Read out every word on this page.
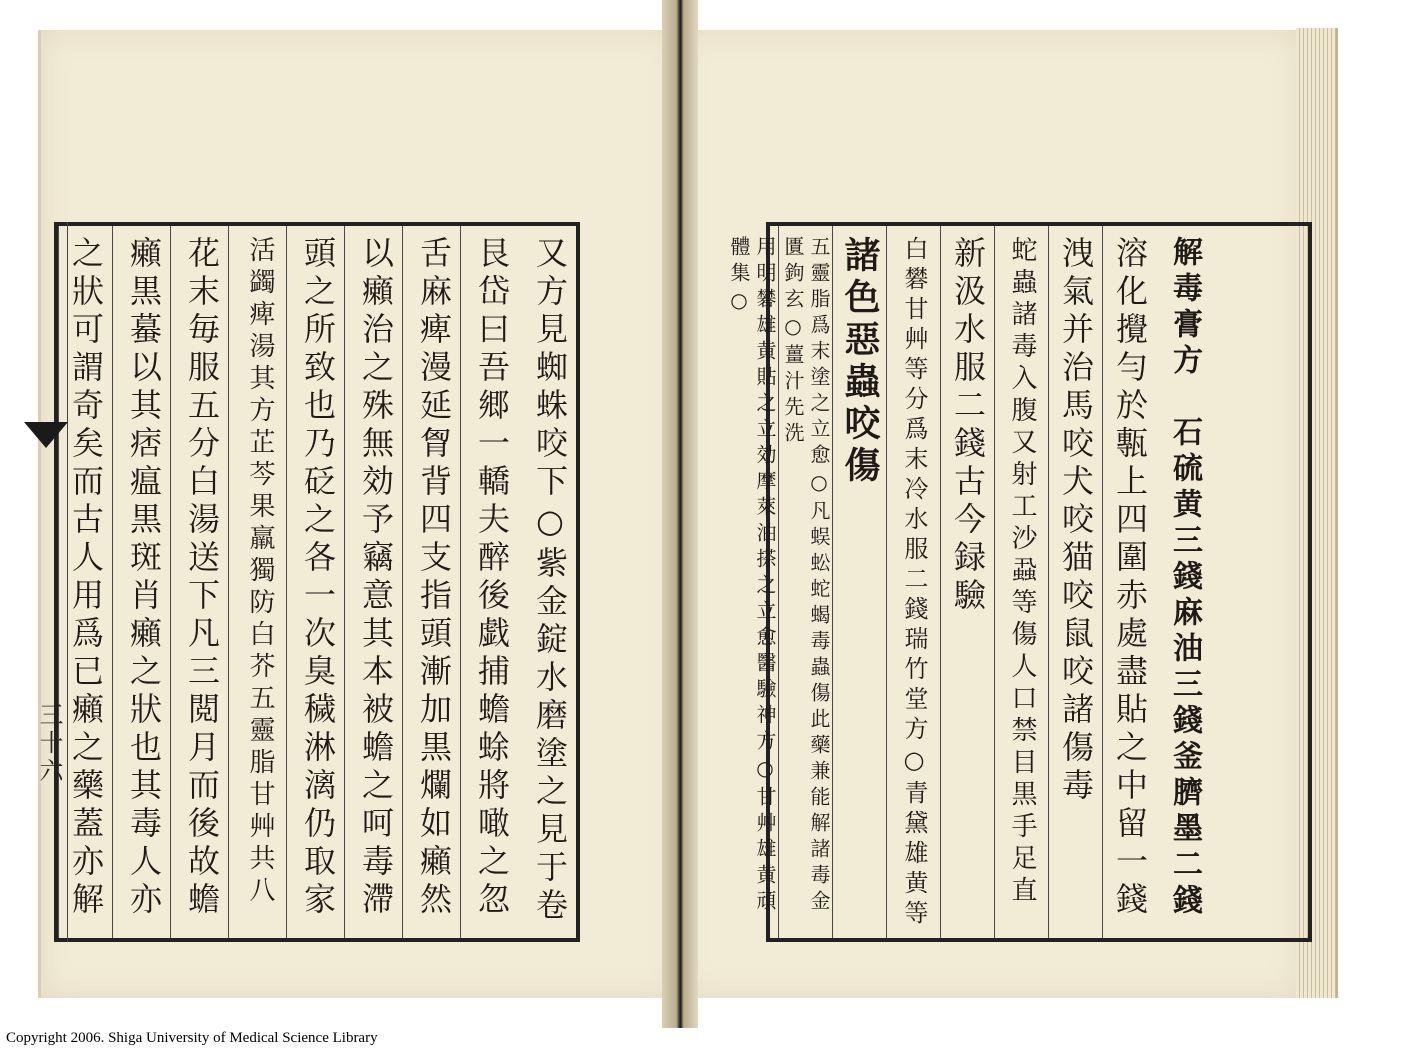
又方見蜘蛛咬下○紫金錠水磨塗之見于卷
艮岱曰吾郷一轎夫醉後戯捕蟾蜍將噉之忽
舌麻痺漫延胷背四支指頭漸加黒爛如癩然
以癩治之殊無効予竊意其本被蟾之呵毒滯
頭之所致也乃砭之各一次臭穢淋漓仍取家
活蠲痺湯其方芷芩果羸獨防白芥五靈脂甘艸共八
花末毎服五分白湯送下凡三閲月而後故蟾
癩黒蟇以其痞瘟黒斑肖癩之狀也其毒人亦
之狀可謂奇矣而古人用爲已癩之藥蓋亦解
三十六
解毒膏方　石硫黄三錢麻油三錢釜臍墨二錢
溶化攪勻於甎上四圍赤處盡貼之中留一錢
洩氣并治馬咬犬咬猫咬鼠咬諸傷毒
蛇蟲諸毒入腹又射工沙蝨等傷人口禁目黒手足直
新汲水服二錢古今録驗
白礬甘艸等分爲末冷水服二錢瑞竹堂方○青黛雄黄等
諸色惡蟲咬傷
五靈脂爲末塗之立愈○凡蜈蚣蛇蝎毒蟲傷此藥兼能解諸毒金匱鉤玄○薑汁先洗
用明礬雄黄貼之立効摩萊油搽之立愈醫驗神方○甘艸雄黄頑體集○
Copyright 2006. Shiga University of Medical Science Library
